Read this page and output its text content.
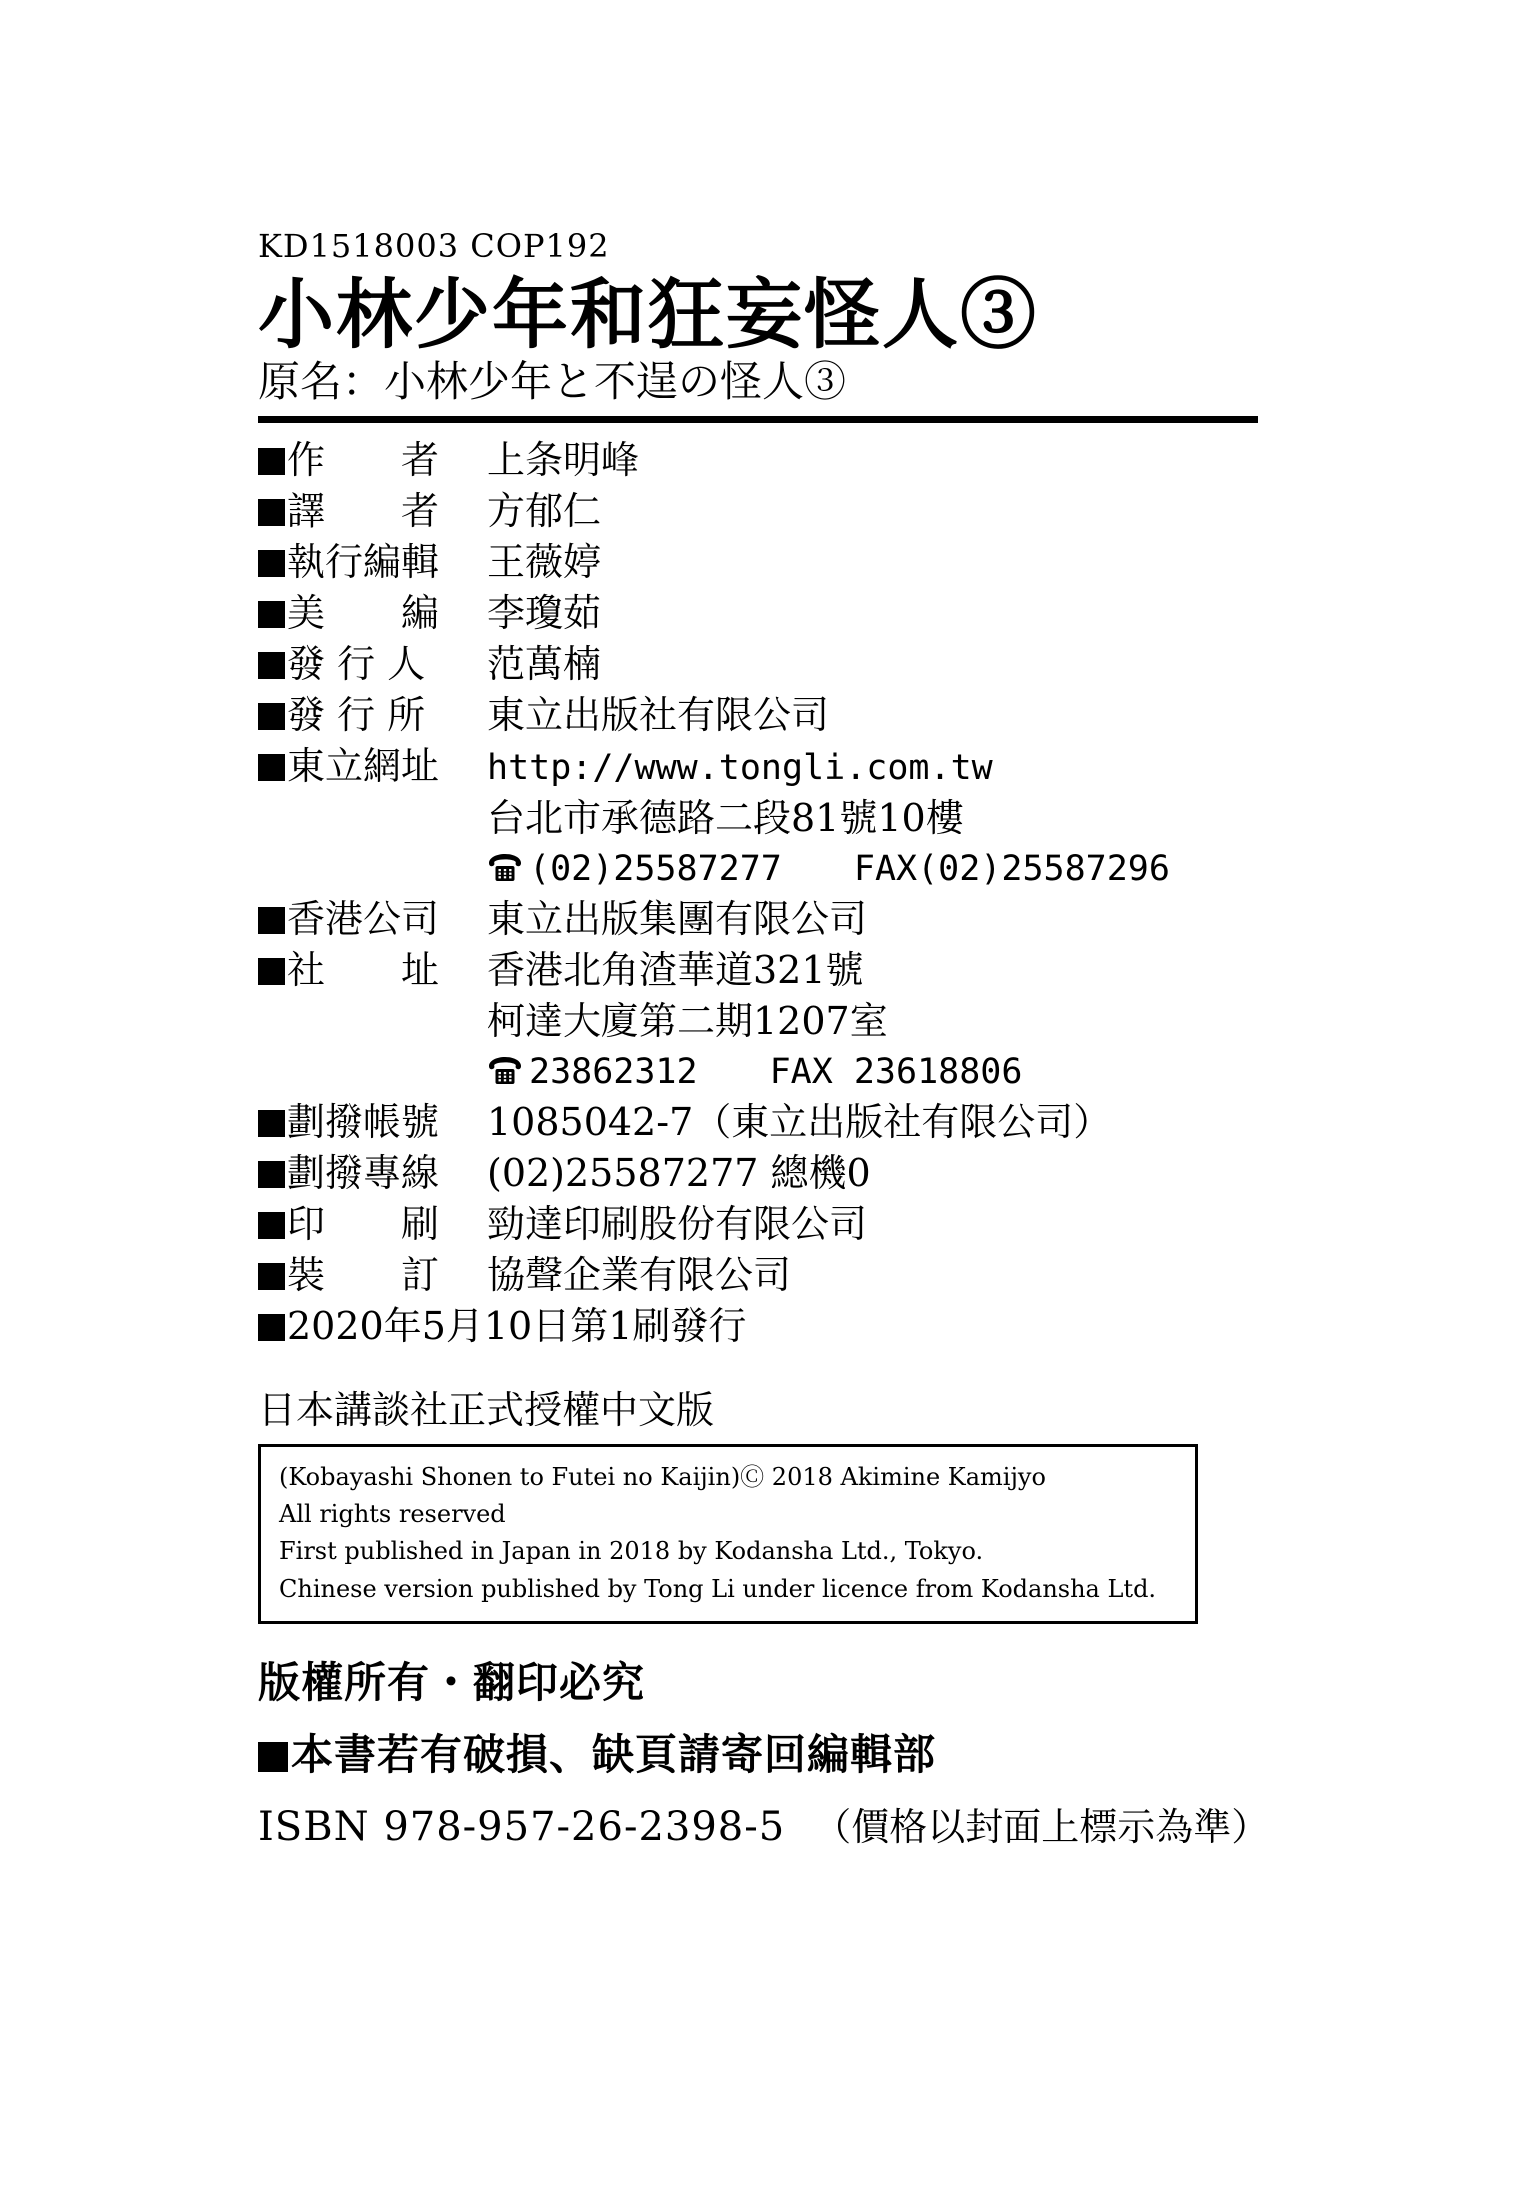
KD1518003 COP192
小林少年和狂妄怪人③
原名：小林少年と不逞の怪人③
作　　者	上条明峰
譯　　者	方郁仁
執行編輯	王薇婷
美　　編	李瓊茹
發 行 人	范萬楠
發 行 所	東立出版社有限公司
東立網址	http://www.tongli.com.tw
台北市承德路二段81號10樓
(02)25587277 FAX(02)25587296
香港公司	東立出版集團有限公司
社　　址	香港北角渣華道321號
柯達大廈第二期1207室
23862312 FAX 23618806
劃撥帳號	1085042-7（東立出版社有限公司）
劃撥專線	(02)25587277 總機0
印　　刷	勁達印刷股份有限公司
裝　　訂	協聲企業有限公司
2020年5月10日第1刷發行
日本講談社正式授權中文版

(Kobayashi Shonen to Futei no Kaijin)Ⓒ 2018 Akimine Kamijyo

All rights reserved

First published in Japan in 2018 by Kodansha Ltd., Tokyo.

Chinese version published by Tong Li under licence from Kodansha Ltd.

版權所有・翻印必究
本書若有破損、缺頁請寄回編輯部
ISBN 978-957-26-2398-5 （價格以封面上標示為準）
